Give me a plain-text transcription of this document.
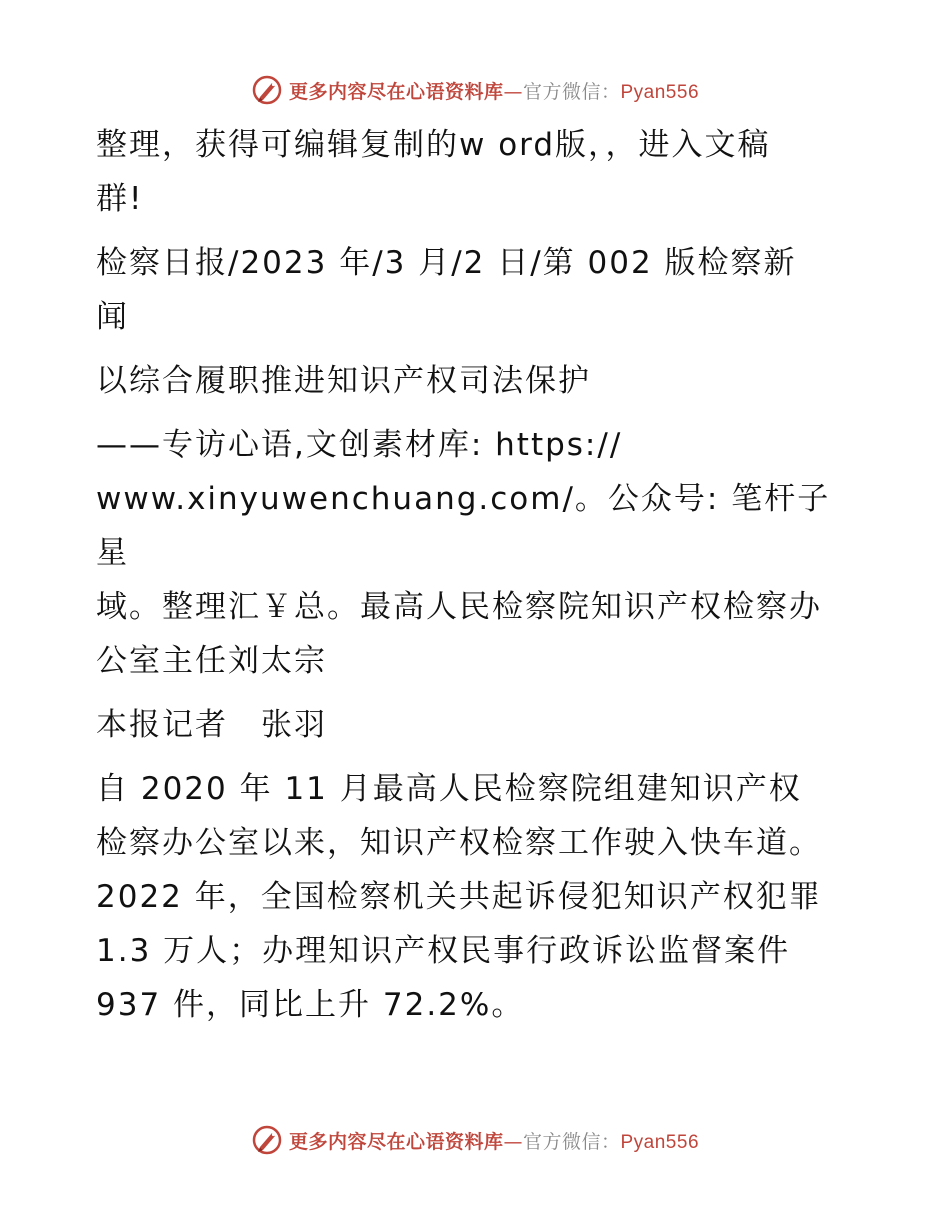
更多内容尽在心语资料库—官方微信：Pyan556

整理，获得可编辑复制的w ord版，，进入文稿
群!

检察日报/2023 年/3 月/2 日/第 002 版检察新
闻

以综合履职推进知识产权司法保护

——专访心语,文创素材库: https://
www.xinyuwenchuang.com/。公众号: 笔杆子星
域。整理汇￥总。最高人民检察院知识产权检察办
公室主任刘太宗

本报记者　张羽

自 2020 年 11 月最高人民检察院组建知识产权
检察办公室以来，知识产权检察工作驶入快车道。
2022 年，全国检察机关共起诉侵犯知识产权犯罪
1.3 万人；办理知识产权民事行政诉讼监督案件
937 件，同比上升 72.2%。

更多内容尽在心语资料库—官方微信：Pyan556
